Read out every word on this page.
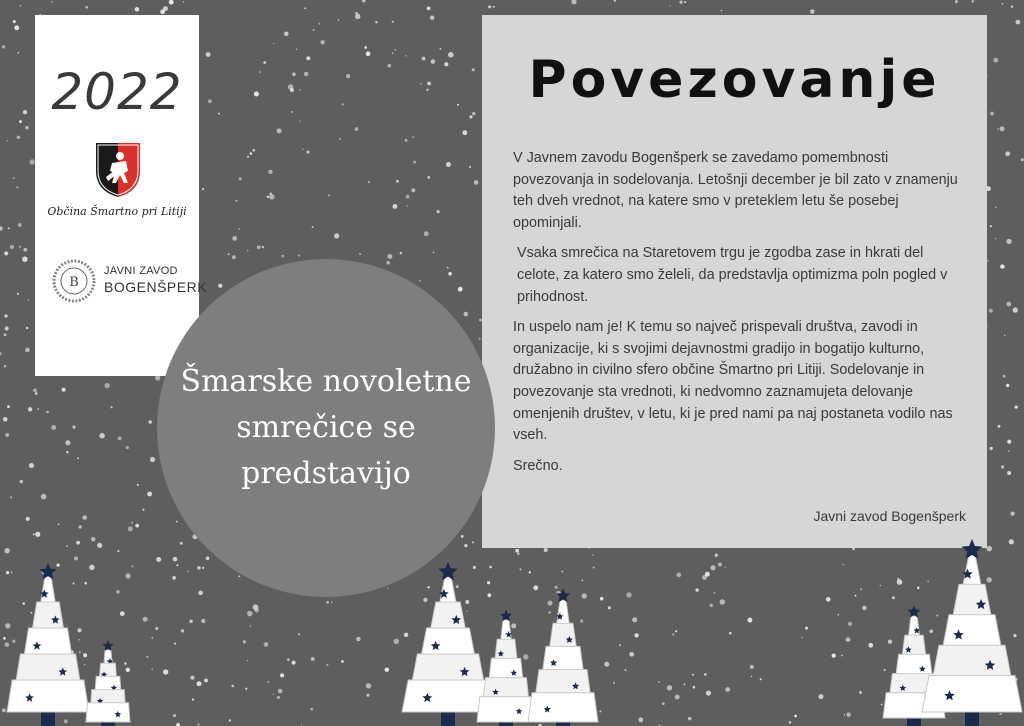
2022
Občina Šmartno pri Litiji
B
JAVNI ZAVOD
BOGENŠPERK
Povezovanje

V Javnem zavodu Bogenšperk se zavedamo pomembnosti povezovanja in sodelovanja. Letošnji december je bil zato v znamenju teh dveh vrednot, na katere smo v preteklem letu še posebej opominjali.

Vsaka smrečica na Staretovem trgu je zgodba zase in hkrati del celote, za katero smo želeli, da predstavlja optimizma poln pogled v prihodnost.

In uspelo nam je! K temu so največ prispevali društva, zavodi in organizacije, ki s svojimi dejavnostmi gradijo in bogatijo kulturno, družabno in civilno sfero občine Šmartno pri Litiji. Sodelovanje in povezovanje sta vrednoti, ki nedvomno zaznamujeta delovanje omenjenih društev, v letu, ki je pred nami pa naj postaneta vodilo nas vseh.

Srečno.

Javni zavod Bogenšperk
Šmarske novoletne smrečice se predstavijo
